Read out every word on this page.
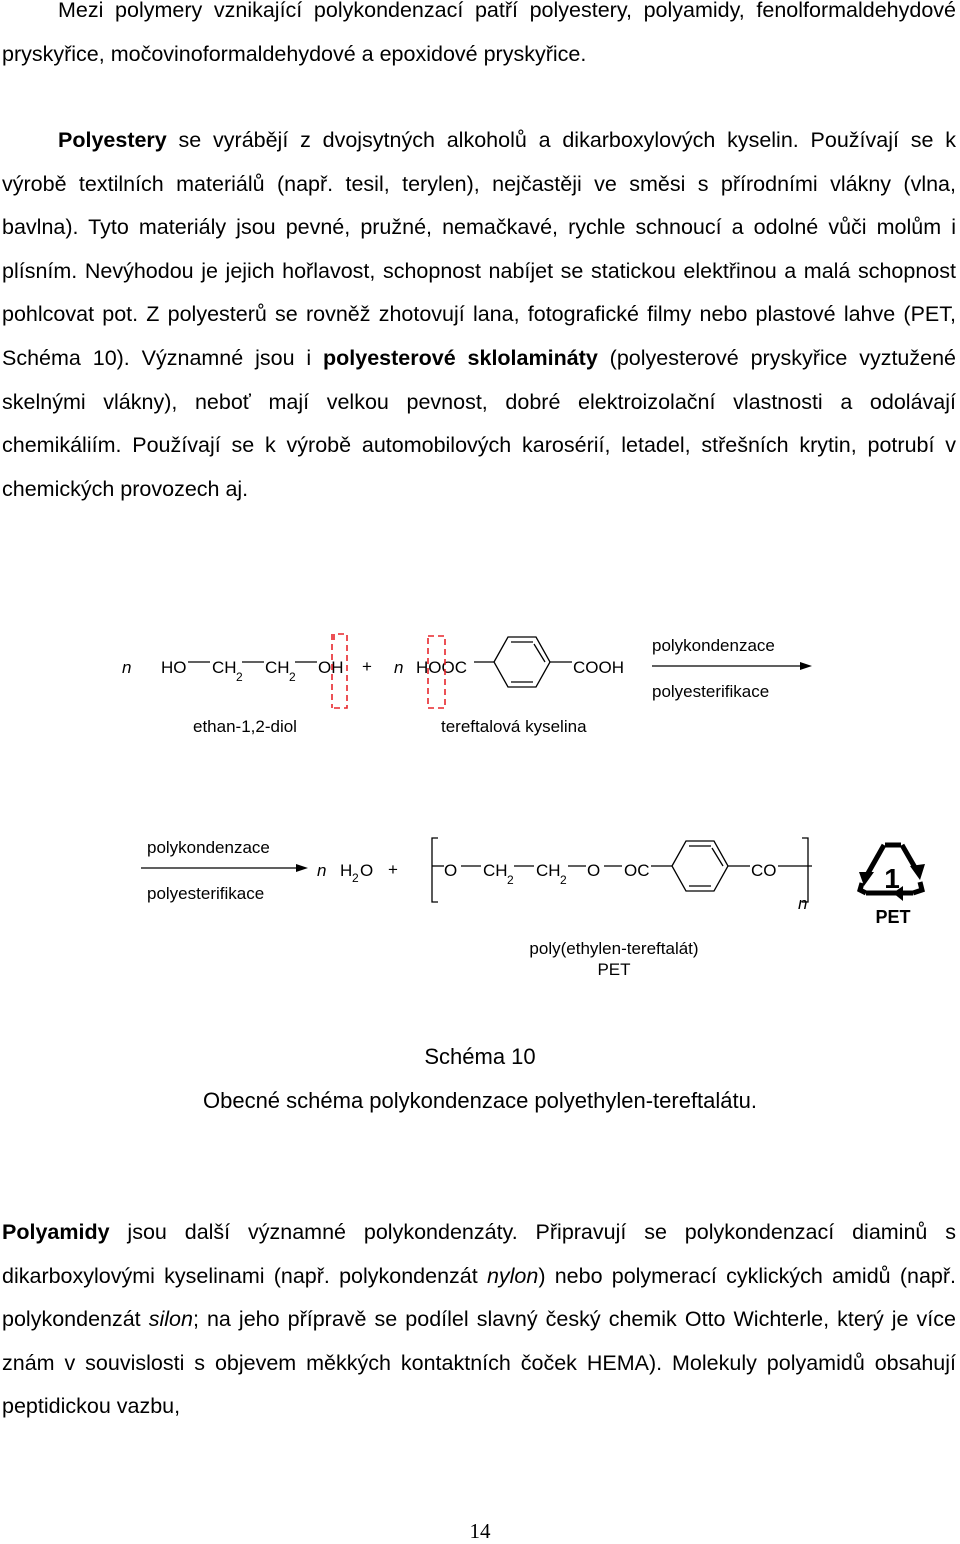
Mezi polymery vznikající polykondenzací patří polyestery, polyamidy, fenolformaldehydové pryskyřice, močovinoformaldehydové a epoxidové pryskyřice.

Polyestery se vyrábějí z dvojsytných alkoholů a dikarboxylových kyselin. Používají se k výrobě textilních materiálů (např. tesil, terylen), nejčastěji ve směsi s přírodními vlákny (vlna, bavlna). Tyto materiály jsou pevné, pružné, nemačkavé, rychle schnoucí a odolné vůči molům i plísním. Nevýhodou je jejich hořlavost, schopnost nabíjet se statickou elektřinou a malá schopnost pohlcovat pot. Z polyesterů se rovněž zhotovují lana, fotografické filmy nebo plastové lahve (PET, Schéma 10). Významné jsou i polyesterové sklolamináty (polyesterové pryskyřice vyztužené skelnými vlákny), neboť mají velkou pevnost, dobré elektroizolační vlastnosti a odolávají chemikáliím. Používají se k výrobě automobilových karosérií, letadel, střešních krytin, potrubí v chemických provozech aj.

n HO CH 2 CH 2 OH + n HOOC	COOH
ethan-1,2-diol	tereftalová kyselina
polykondenzace
polyesterifikace
polykondenzace
polyesterifikace
n H 2 O +	O CH 2 CH 2 O OC	CO
n
poly(ethylen-tereftalát)
PET
1
PET
Schéma 10
Obecné schéma polykondenzace polyethylen-tereftalátu.

Polyamidy jsou další významné polykondenzáty. Připravují se polykondenzací diaminů s dikarboxylovými kyselinami (např. polykondenzát nylon) nebo polymerací cyklických amidů (např. polykondenzát silon; na jeho přípravě se podílel slavný český chemik Otto Wichterle, který je více znám v souvislosti s objevem měkkých kontaktních čoček HEMA). Molekuly polyamidů obsahují peptidickou vazbu,

14
